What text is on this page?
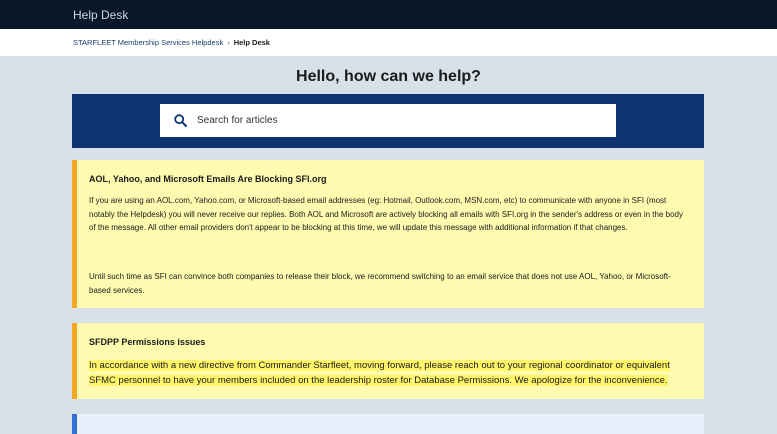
Help Desk
STARFLEET Membership Services Helpdesk › Help Desk
Hello, how can we help?
Search for articles
AOL, Yahoo, and Microsoft Emails Are Blocking SFI.org

If you are using an AOL.com, Yahoo.com, or Microsoft-based email addresses (eg: Hotmail, Outlook.com, MSN.com, etc) to communicate with anyone in SFI (most notably the Helpdesk) you will never receive our replies. Both AOL and Microsoft are actively blocking all emails with SFI.org in the sender's address or even in the body of the message. All other email providers don't appear to be blocking at this time, we will update this message with additional information if that changes.

Until such time as SFI can convince both companies to release their block, we recommend switching to an email service that does not use AOL, Yahoo, or Microsoft-based services.

SFDPP Permissions issues

In accordance with a new directive from Commander Starfleet, moving forward, please reach out to your regional coordinator or equivalent SFMC personnel to have your members included on the leadership roster for Database Permissions. We apologize for the inconvenience.
